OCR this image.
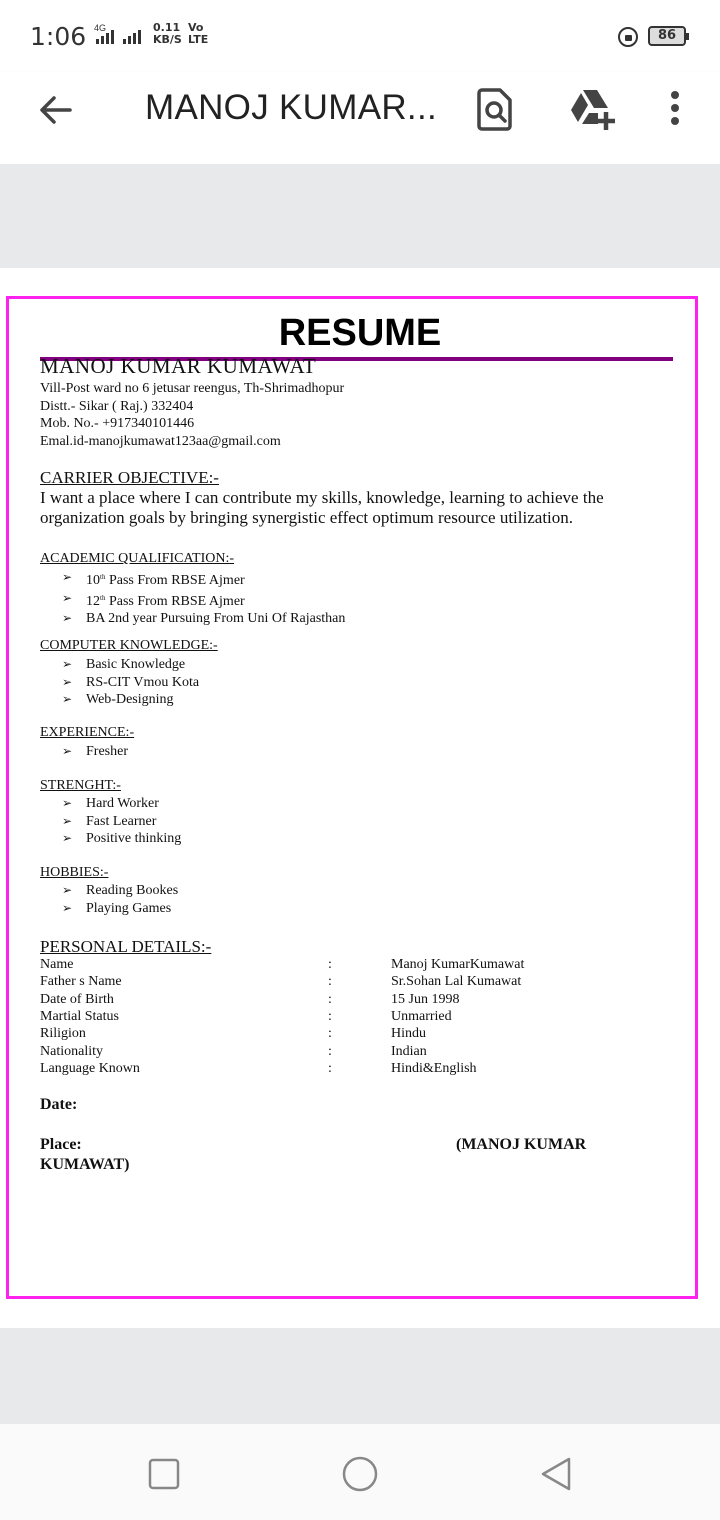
1:06 4G	0.11
KB/S
Vo
LTE	86
MANOJ KUMAR...
RESUME
MANOJ KUMAR KUMAWAT
Vill-Post ward no 6 jetusar reengus, Th-Shrimadhopur
Distt.- Sikar ( Raj.) 332404
Mob. No.- +917340101446
Emal.id-manojkumawat123aa@gmail.com
CARRIER OBJECTIVE:-
I want a place where I can contribute my skills, knowledge, learning to achieve the organization goals by bringing synergistic effect optimum resource utilization.
ACADEMIC QUALIFICATION:-
➢ 10th Pass From RBSE Ajmer
➢ 12th Pass From RBSE Ajmer
➢ BA 2nd year Pursuing From Uni Of Rajasthan
COMPUTER KNOWLEDGE:-
➢ Basic Knowledge
➢ RS-CIT Vmou Kota
➢ Web-Designing
EXPERIENCE:-
➢ Fresher
STRENGHT:-
➢ Hard Worker
➢ Fast Learner
➢ Positive thinking
HOBBIES:-
➢ Reading Bookes
➢ Playing Games
PERSONAL DETAILS:-
Name	:	Manoj KumarKumawat
Father s Name	:	Sr.Sohan Lal Kumawat
Date of Birth	:	15 Jun 1998
Martial Status	:	Unmarried
Riligion	:	Hindu
Nationality	:	Indian
Language Known	:	Hindi&English
Date:
Place:	(MANOJ KUMAR
KUMAWAT)
